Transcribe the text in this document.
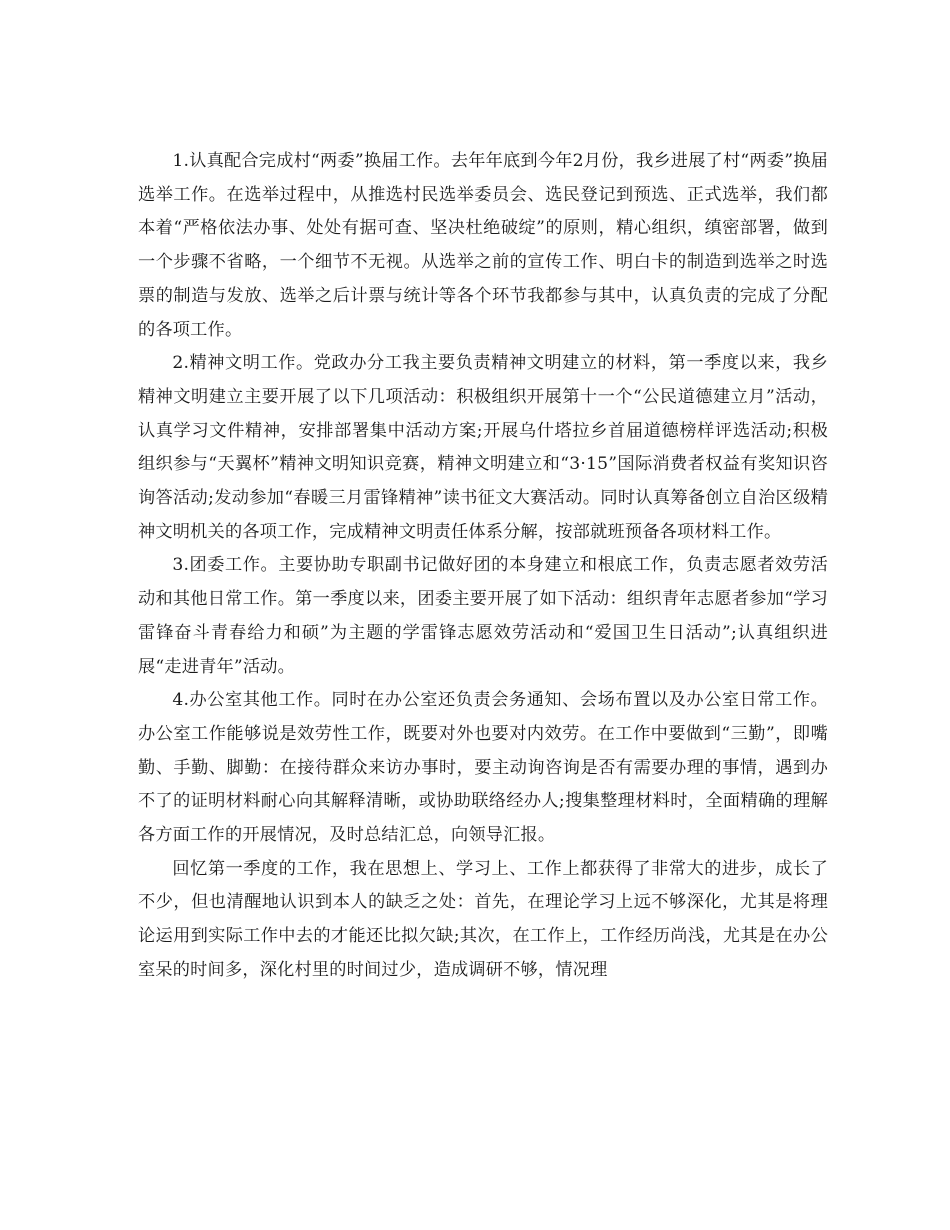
1.认真配合完成村“两委”换届工作。去年年底到今年2月份，我乡进展了村“两委”换届选举工作。在选举过程中，从推选村民选举委员会、选民登记到预选、正式选举，我们都本着“严格依法办事、处处有据可查、坚决杜绝破绽”的原则，精心组织，缜密部署，做到一个步骤不省略，一个细节不无视。从选举之前的宣传工作、明白卡的制造到选举之时选票的制造与发放、选举之后计票与统计等各个环节我都参与其中，认真负责的完成了分配的各项工作。

2.精神文明工作。党政办分工我主要负责精神文明建立的材料，第一季度以来，我乡精神文明建立主要开展了以下几项活动：积极组织开展第十一个“公民道德建立月”活动，认真学习文件精神，安排部署集中活动方案;开展乌什塔拉乡首届道德榜样评选活动;积极组织参与“天翼杯”精神文明知识竞赛，精神文明建立和“3·15”国际消费者权益有奖知识咨询答活动;发动参加“春暖三月雷锋精神”读书征文大赛活动。同时认真筹备创立自治区级精神文明机关的各项工作，完成精神文明责任体系分解，按部就班预备各项材料工作。

3.团委工作。主要协助专职副书记做好团的本身建立和根底工作，负责志愿者效劳活动和其他日常工作。第一季度以来，团委主要开展了如下活动：组织青年志愿者参加“学习雷锋奋斗青春给力和硕”为主题的学雷锋志愿效劳活动和“爱国卫生日活动”;认真组织进展“走进青年”活动。

4.办公室其他工作。同时在办公室还负责会务通知、会场布置以及办公室日常工作。办公室工作能够说是效劳性工作，既要对外也要对内效劳。在工作中要做到“三勤”，即嘴勤、手勤、脚勤：在接待群众来访办事时，要主动询咨询是否有需要办理的事情，遇到办不了的证明材料耐心向其解释清晰，或协助联络经办人;搜集整理材料时，全面精确的理解各方面工作的开展情况，及时总结汇总，向领导汇报。

回忆第一季度的工作，我在思想上、学习上、工作上都获得了非常大的进步，成长了不少，但也清醒地认识到本人的缺乏之处：首先，在理论学习上远不够深化，尤其是将理论运用到实际工作中去的才能还比拟欠缺;其次，在工作上，工作经历尚浅，尤其是在办公室呆的时间多，深化村里的时间过少，造成调研不够，情况理
